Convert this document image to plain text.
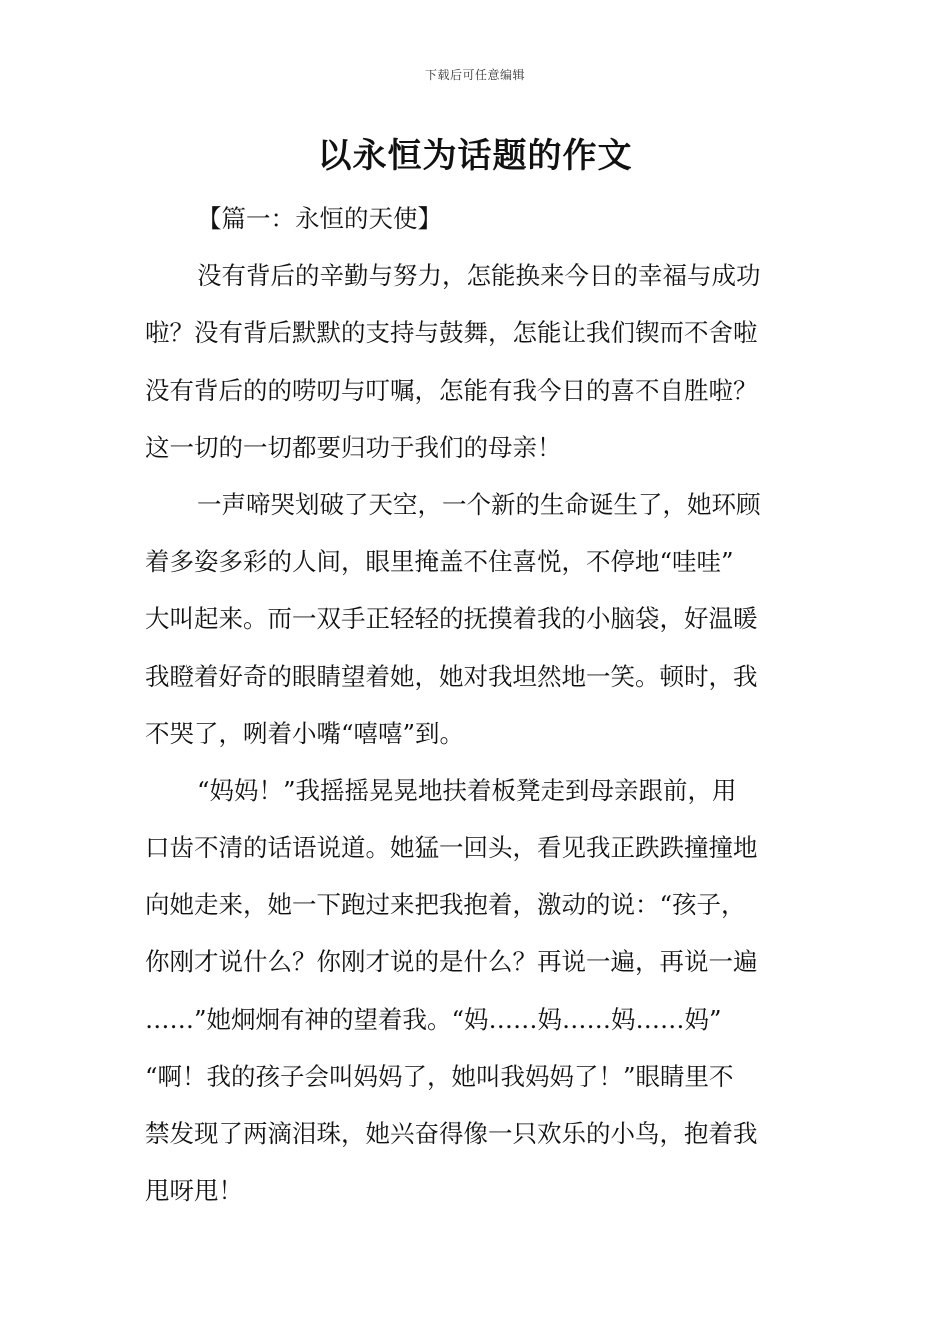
下载后可任意编辑
以永恒为话题的作文
【篇一：永恒的天使】
没有背后的辛勤与努力，怎能换来今日的幸福与成功
啦？没有背后默默的支持与鼓舞，怎能让我们锲而不舍啦
没有背后的的唠叨与叮嘱，怎能有我今日的喜不自胜啦？
这一切的一切都要归功于我们的母亲！
一声啼哭划破了天空，一个新的生命诞生了，她环顾
着多姿多彩的人间，眼里掩盖不住喜悦，不停地“哇哇”
大叫起来。而一双手正轻轻的抚摸着我的小脑袋，好温暖
我瞪着好奇的眼睛望着她，她对我坦然地一笑。顿时，我
不哭了，咧着小嘴“嘻嘻”到。
“妈妈！”我摇摇晃晃地扶着板凳走到母亲跟前，用
口齿不清的话语说道。她猛一回头，看见我正跌跌撞撞地
向她走来，她一下跑过来把我抱着，激动的说：“孩子，
你刚才说什么？你刚才说的是什么？再说一遍，再说一遍
……”她炯炯有神的望着我。“妈……妈……妈……妈”
“啊！我的孩子会叫妈妈了，她叫我妈妈了！”眼睛里不
禁发现了两滴泪珠，她兴奋得像一只欢乐的小鸟，抱着我
甩呀甩！
